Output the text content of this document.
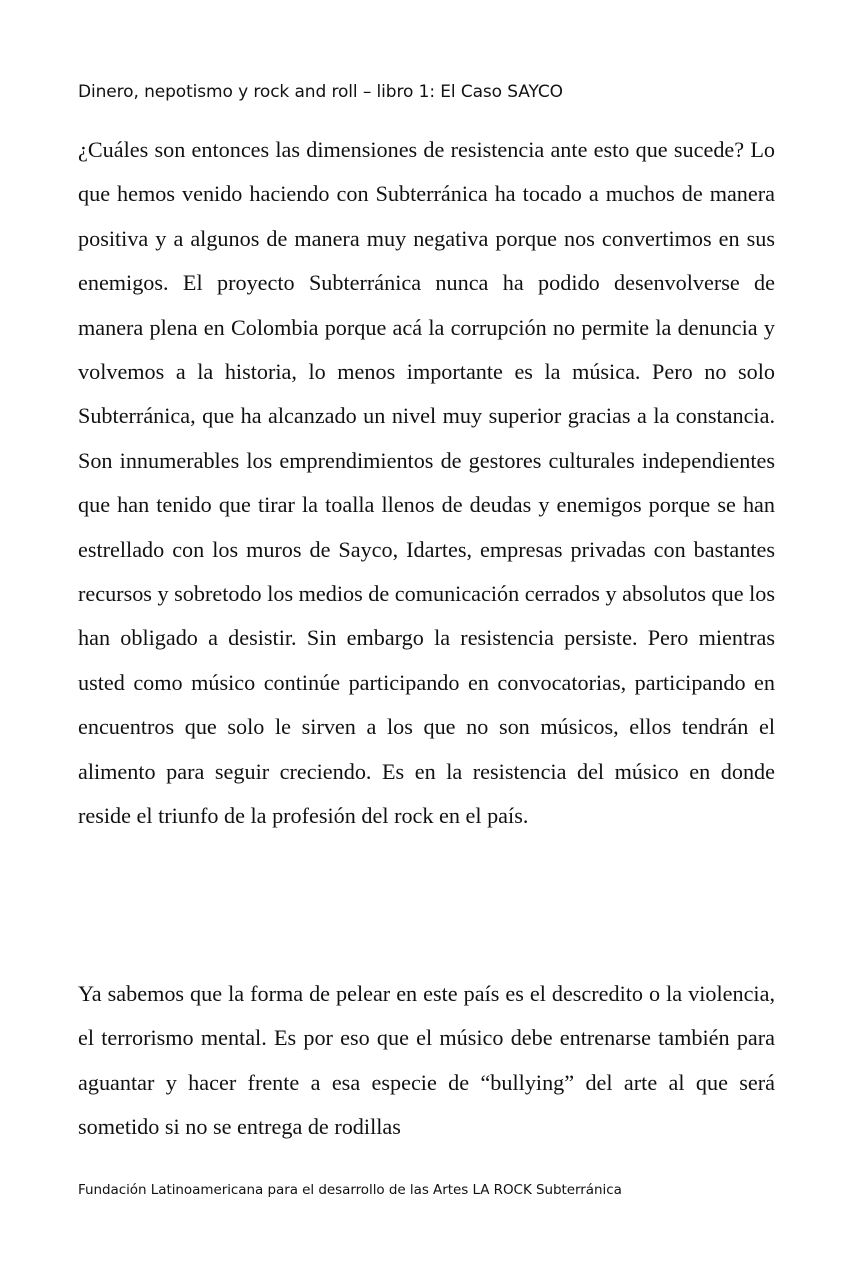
Dinero, nepotismo y rock and roll – libro 1: El Caso SAYCO
¿Cuáles son entonces las dimensiones de resistencia ante esto que sucede? Lo que hemos venido haciendo con Subterránica ha tocado a muchos de manera positiva y a algunos de manera muy negativa porque nos convertimos en sus enemigos. El proyecto Subterránica nunca ha podido desenvolverse de manera plena en Colombia porque acá la corrupción no permite la denuncia y volvemos a la historia, lo menos importante es la música. Pero no solo Subterránica, que ha alcanzado un nivel muy superior gracias a la constancia. Son innumerables los emprendimientos de gestores culturales independientes que han tenido que tirar la toalla llenos de deudas y enemigos porque se han estrellado con los muros de Sayco, Idartes, empresas privadas con bastantes recursos y sobretodo los medios de comunicación cerrados y absolutos que los han obligado a desistir. Sin embargo la resistencia persiste. Pero mientras usted como músico continúe participando en convocatorias, participando en encuentros que solo le sirven a los que no son músicos, ellos tendrán el alimento para seguir creciendo. Es en la resistencia del músico en donde reside el triunfo de la profesión del rock en el país.
Ya sabemos que la forma de pelear en este país es el descredito o la violencia, el terrorismo mental. Es por eso que el músico debe entrenarse también para aguantar y hacer frente a esa especie de “bullying” del arte al que será sometido si no se entrega de rodillas
Fundación Latinoamericana para el desarrollo de las Artes LA ROCK Subterránica
